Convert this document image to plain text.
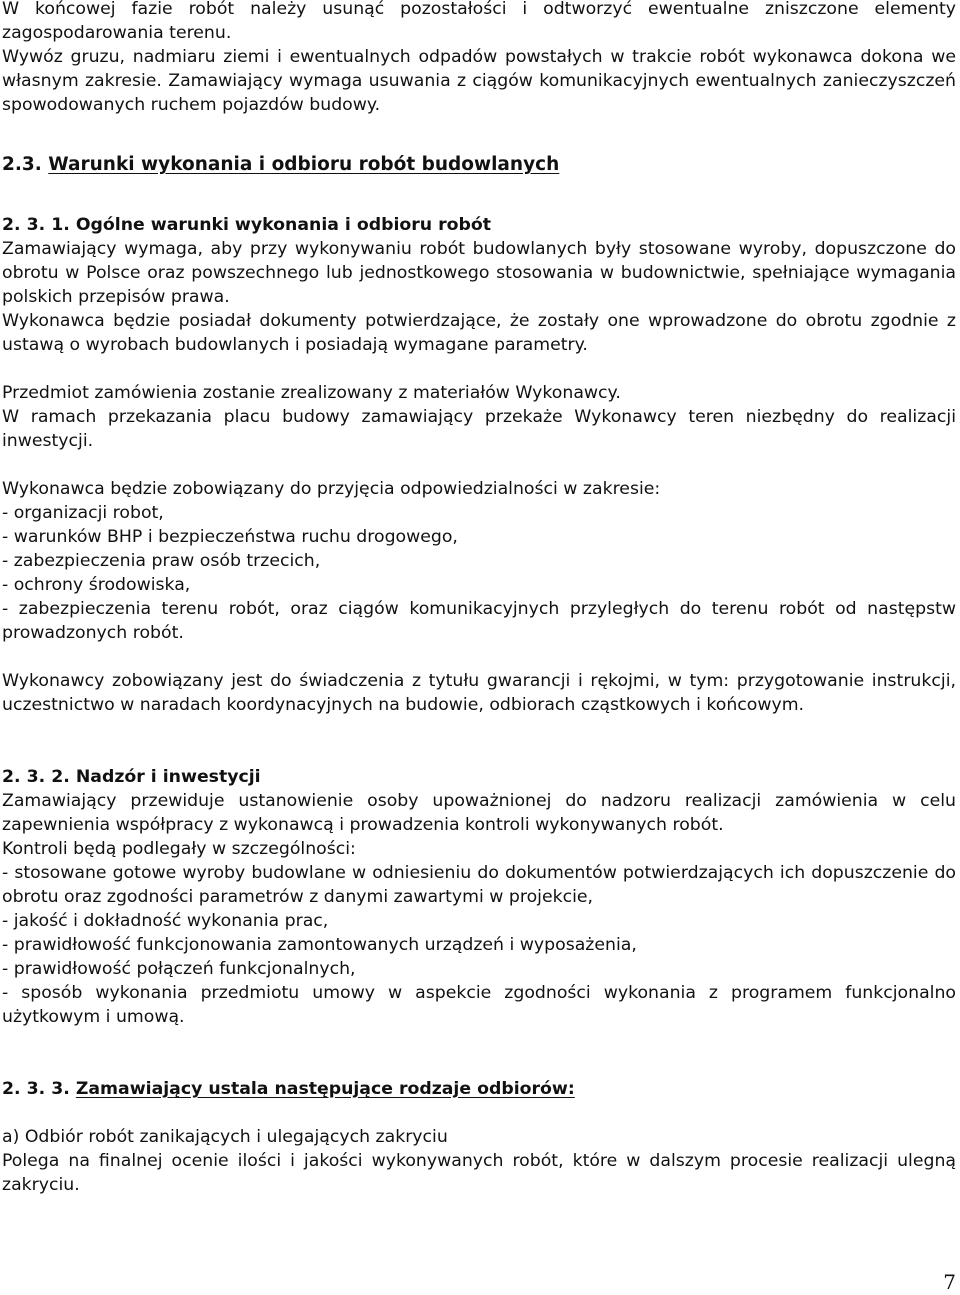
W końcowej fazie robót należy usunąć pozostałości i odtworzyć ewentualne zniszczone elementy zagospodarowania terenu.

Wywóz gruzu, nadmiaru ziemi i ewentualnych odpadów powstałych w trakcie robót wykonawca dokona we własnym zakresie. Zamawiający wymaga usuwania z ciągów komunikacyjnych ewentualnych zanieczyszczeń spowodowanych ruchem pojazdów budowy.

2.3. Warunki wykonania i odbioru robót budowlanych

2. 3. 1. Ogólne warunki wykonania i odbioru robót

Zamawiający wymaga, aby przy wykonywaniu robót budowlanych były stosowane wyroby, dopuszczone do obrotu w Polsce oraz powszechnego lub jednostkowego stosowania w budownictwie, spełniające wymagania polskich przepisów prawa.

Wykonawca będzie posiadał dokumenty potwierdzające, że zostały one wprowadzone do obrotu zgodnie z ustawą o wyrobach budowlanych i posiadają wymagane parametry.

Przedmiot zamówienia zostanie zrealizowany z materiałów Wykonawcy.

W ramach przekazania placu budowy zamawiający przekaże Wykonawcy teren niezbędny do realizacji inwestycji.

Wykonawca będzie zobowiązany do przyjęcia odpowiedzialności w zakresie:

- organizacji robot,

- warunków BHP i bezpieczeństwa ruchu drogowego,

- zabezpieczenia praw osób trzecich,

- ochrony środowiska,

- zabezpieczenia terenu robót, oraz ciągów komunikacyjnych przyległych do terenu robót od następstw prowadzonych robót.

Wykonawcy zobowiązany jest do świadczenia z tytułu gwarancji i rękojmi, w tym: przygotowanie instrukcji, uczestnictwo w naradach koordynacyjnych na budowie, odbiorach cząstkowych i końcowym.

2. 3. 2. Nadzór i inwestycji

Zamawiający przewiduje ustanowienie osoby upoważnionej do nadzoru realizacji zamówienia w celu zapewnienia współpracy z wykonawcą i prowadzenia kontroli wykonywanych robót.

Kontroli będą podlegały w szczególności:

- stosowane gotowe wyroby budowlane w odniesieniu do dokumentów potwierdzających ich dopuszczenie do obrotu oraz zgodności parametrów z danymi zawartymi w projekcie,

- jakość i dokładność wykonania prac,

- prawidłowość funkcjonowania zamontowanych urządzeń i wyposażenia,

- prawidłowość połączeń funkcjonalnych,

- sposób wykonania przedmiotu umowy w aspekcie zgodności wykonania z programem funkcjonalno użytkowym i umową.

2. 3. 3. Zamawiający ustala następujące rodzaje odbiorów:

a) Odbiór robót zanikających i ulegających zakryciu

Polega na finalnej ocenie ilości i jakości wykonywanych robót, które w dalszym procesie realizacji ulegną zakryciu.

7
